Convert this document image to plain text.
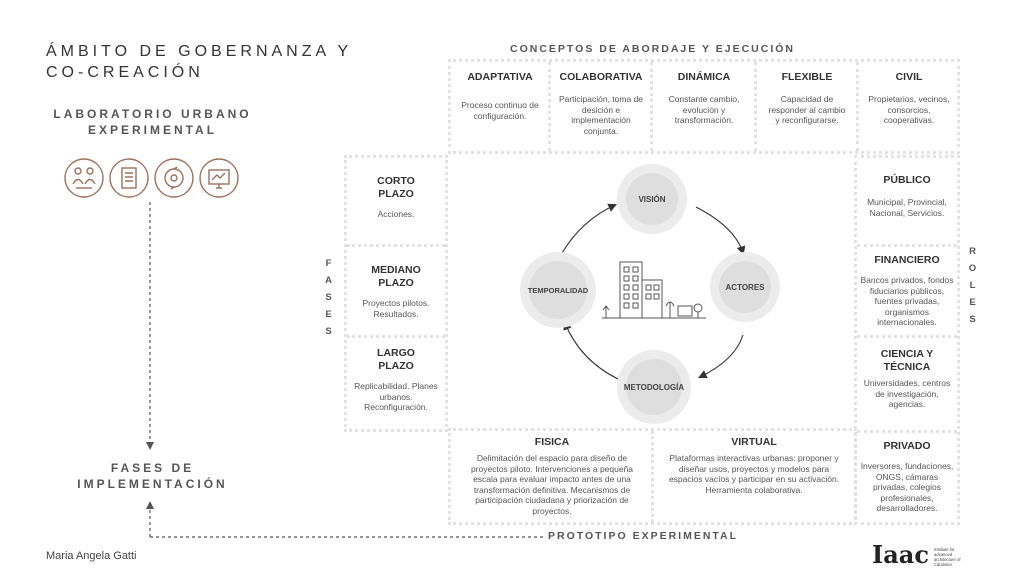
ÁMBITO DE GOBERNANZA Y
CO-CREACIÓN
LABORATORIO URBANO
EXPERIMENTAL
FASES DE
IMPLEMENTACIÓN
Maria Angela Gatti
CONCEPTOS DE ABORDAJE Y EJECUCIÓN
ADAPTATIVA
Proceso continuo de configuración.
COLABORATIVA
Participación, toma de desición e implementación conjunta.
DINÁMICA
Constante cambio, evolución y transformación.
FLEXIBLE
Capacidad de responder al cambio y reconfigurarse.
CIVIL
Propietarios, vecinos, consorcios, cooperativas.
F
A
S
E
S
CORTO
PLAZO
Acciones.
MEDIANO
PLAZO
Proyectos pilotos. Resultados.
LARGO
PLAZO
Replicabilidad. Planes urbanos. Reconfiguración.
VISIÓN
ACTORES
METODOLOGÍA
TEMPORALIDAD
PÚBLICO
Municipal, Provincial, Nacional, Servicios.
FINANCIERO
Bancos privados, fondos fiduciarios públicos, fuentes privadas, organismos internacionales.
CIENCIA Y TÉCNICA
Universidades, centros de investigación, agencias.
PRIVADO
Inversores, fundaciones, ONGS, cámaras privadas, colegios profesionales, desarrolladores.
R
O
L
E
S
FISICA
Delimitación del espacio para diseño de proyectos piloto. Intervenciones a pequeña escala para evaluar impacto antes de una transformación definitiva. Mecanismos de participación ciudadana y priorización de proyectos.
VIRTUAL
Plataformas interactivas urbanas: proponer y diseñar usos, proyectos y modelos para espacios vacíos y participar en su activación. Herramienta colaborativa.
PROTOTIPO EXPERIMENTAL
Iaac Institute for advanced architecture of Catalonia
